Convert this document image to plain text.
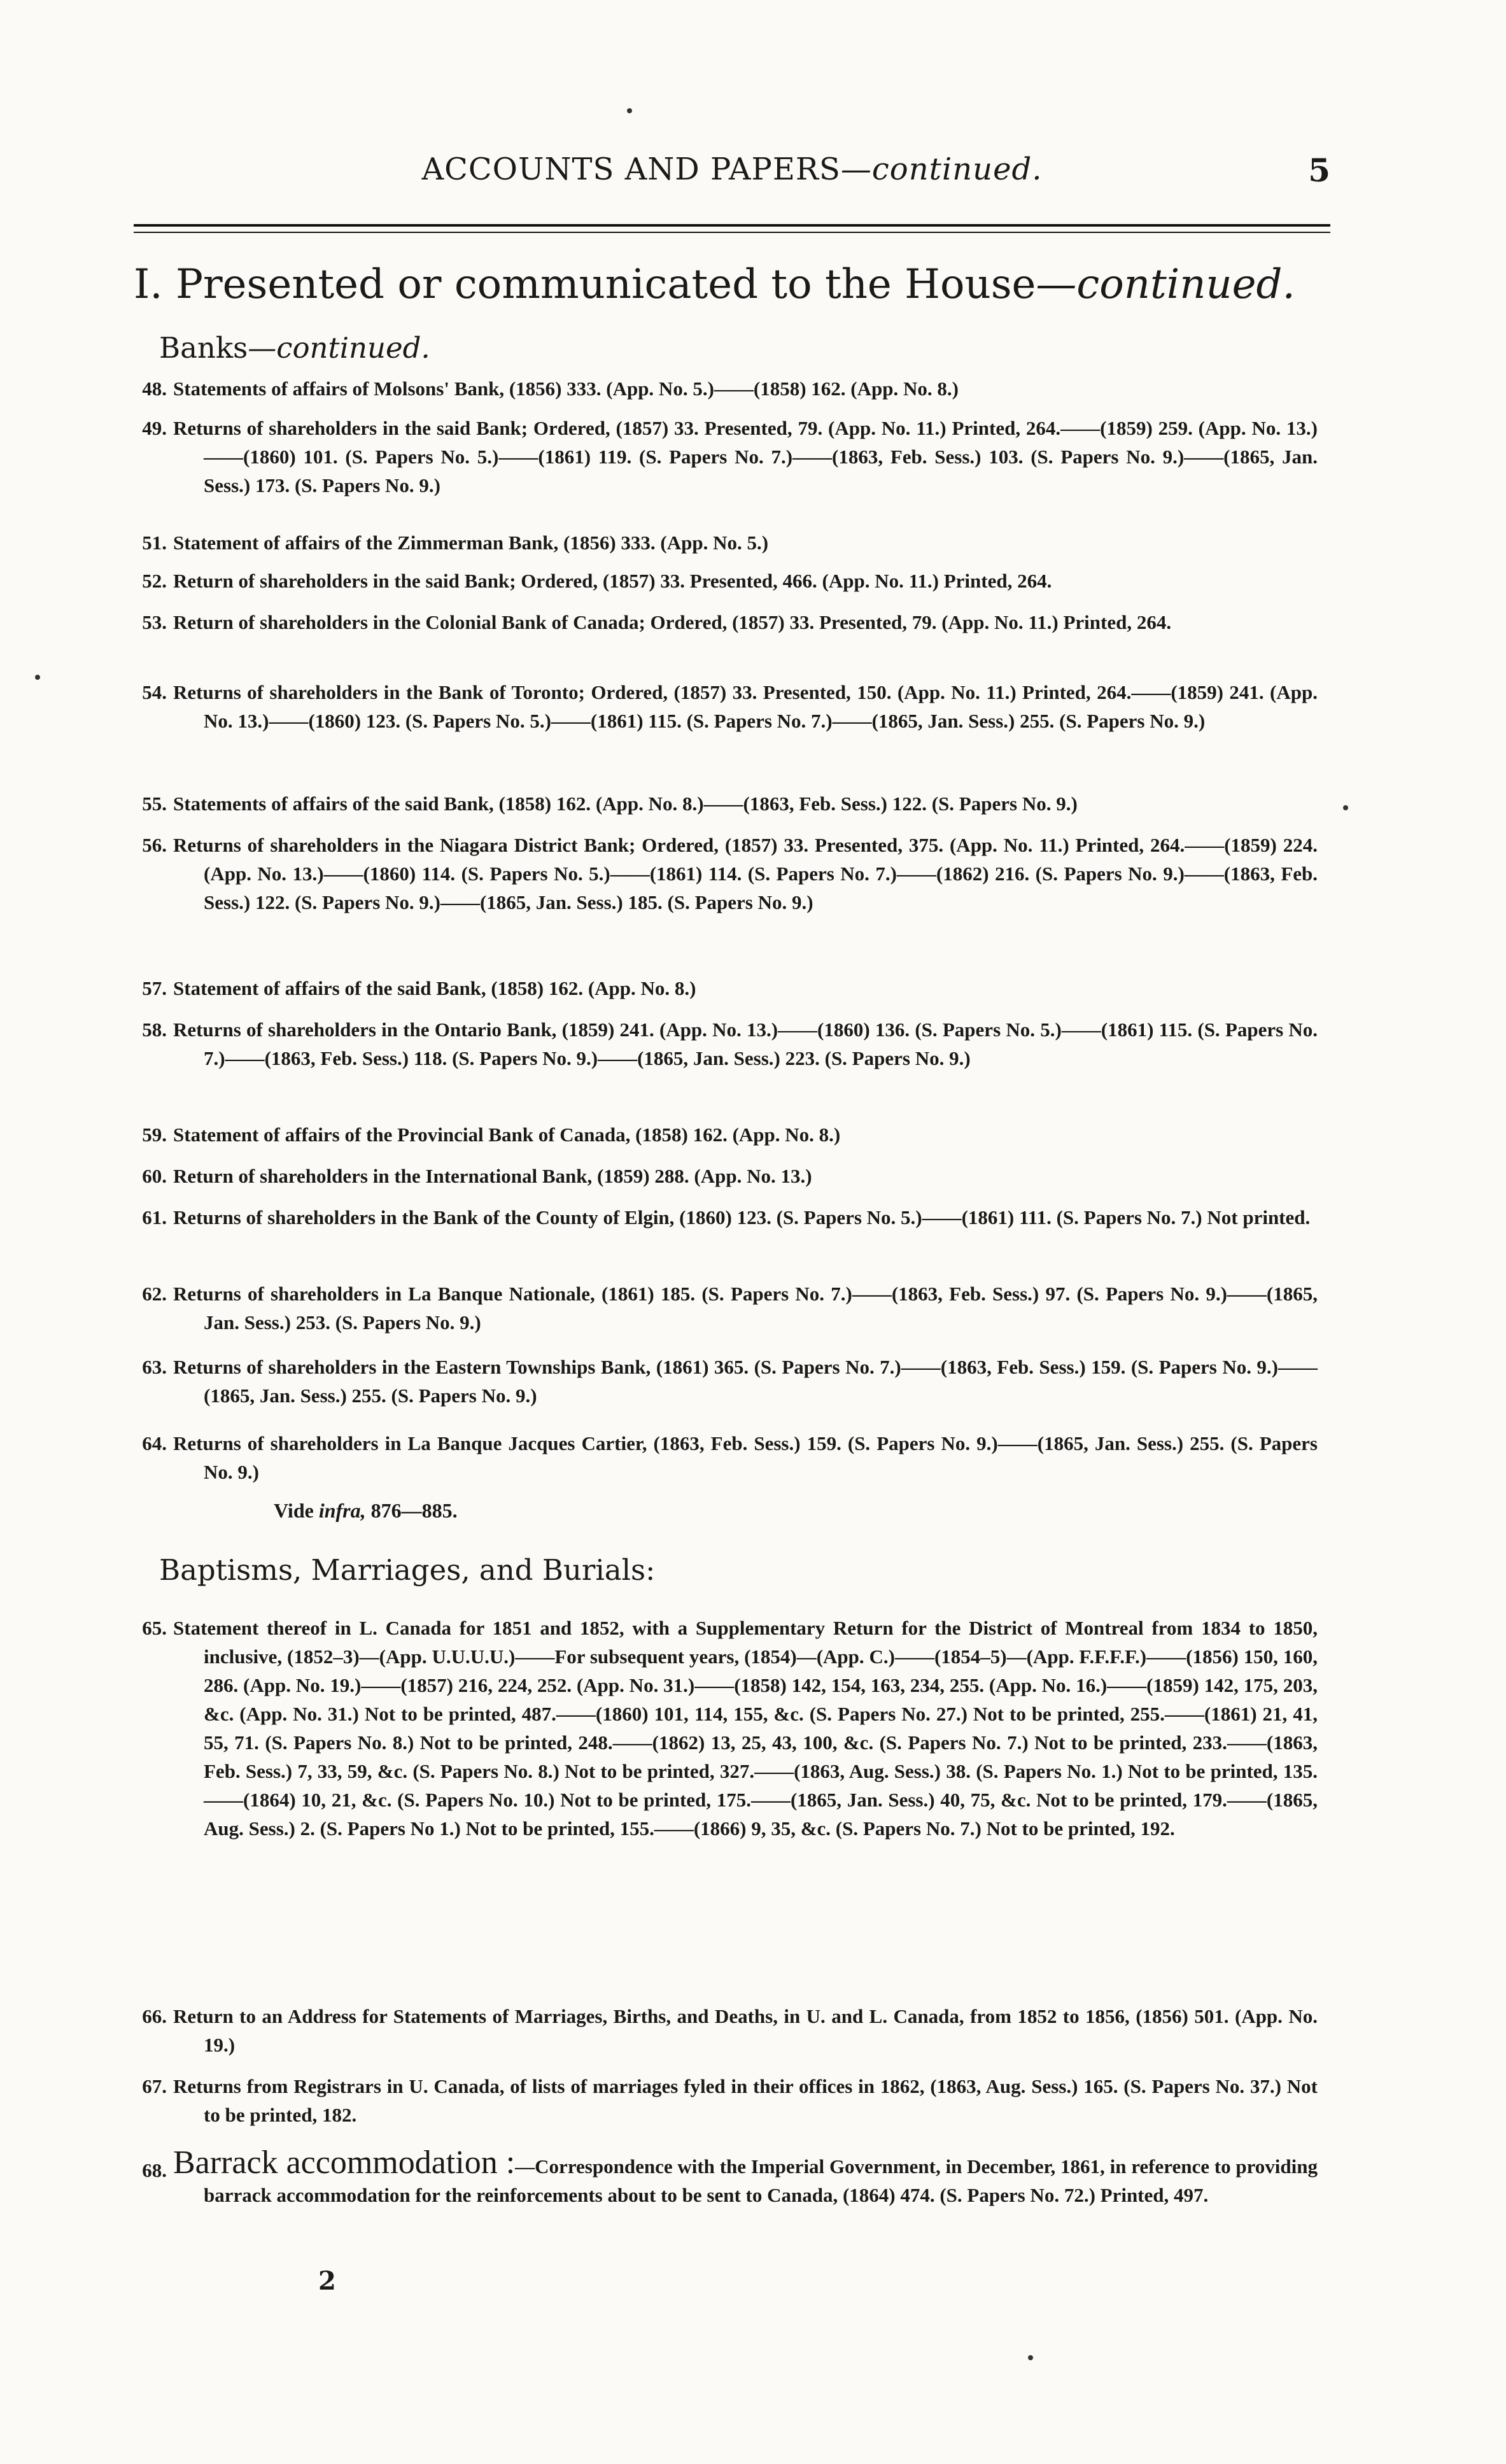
ACCOUNTS AND PAPERS—continued.	5
I. Presented or communicated to the House—continued.
Banks—continued.
48. Statements of affairs of Molsons' Bank, (1856) 333. (App. No. 5.)——(1858) 162. (App. No. 8.)
49. Returns of shareholders in the said Bank; Ordered, (1857) 33. Presented, 79. (App. No. 11.) Printed, 264.——(1859) 259. (App. No. 13.)——(1860) 101. (S. Papers No. 5.)——(1861) 119. (S. Papers No. 7.)——(1863, Feb. Sess.) 103. (S. Papers No. 9.)——(1865, Jan. Sess.) 173. (S. Papers No. 9.)
51. Statement of affairs of the Zimmerman Bank, (1856) 333. (App. No. 5.)
52. Return of shareholders in the said Bank; Ordered, (1857) 33. Presented, 466. (App. No. 11.) Printed, 264.
53. Return of shareholders in the Colonial Bank of Canada; Ordered, (1857) 33. Presented, 79. (App. No. 11.) Printed, 264.
54. Returns of shareholders in the Bank of Toronto; Ordered, (1857) 33. Presented, 150. (App. No. 11.) Printed, 264.——(1859) 241. (App. No. 13.)——(1860) 123. (S. Papers No. 5.)——(1861) 115. (S. Papers No. 7.)——(1865, Jan. Sess.) 255. (S. Papers No. 9.)
55. Statements of affairs of the said Bank, (1858) 162. (App. No. 8.)——(1863, Feb. Sess.) 122. (S. Papers No. 9.)
56. Returns of shareholders in the Niagara District Bank; Ordered, (1857) 33. Presented, 375. (App. No. 11.) Printed, 264.——(1859) 224. (App. No. 13.)——(1860) 114. (S. Papers No. 5.)——(1861) 114. (S. Papers No. 7.)——(1862) 216. (S. Papers No. 9.)——(1863, Feb. Sess.) 122. (S. Papers No. 9.)——(1865, Jan. Sess.) 185. (S. Papers No. 9.)
57. Statement of affairs of the said Bank, (1858) 162. (App. No. 8.)
58. Returns of shareholders in the Ontario Bank, (1859) 241. (App. No. 13.)——(1860) 136. (S. Papers No. 5.)——(1861) 115. (S. Papers No. 7.)——(1863, Feb. Sess.) 118. (S. Papers No. 9.)——(1865, Jan. Sess.) 223. (S. Papers No. 9.)
59. Statement of affairs of the Provincial Bank of Canada, (1858) 162. (App. No. 8.)
60. Return of shareholders in the International Bank, (1859) 288. (App. No. 13.)
61. Returns of shareholders in the Bank of the County of Elgin, (1860) 123. (S. Papers No. 5.)——(1861) 111. (S. Papers No. 7.) Not printed.
62. Returns of shareholders in La Banque Nationale, (1861) 185. (S. Papers No. 7.)——(1863, Feb. Sess.) 97. (S. Papers No. 9.)——(1865, Jan. Sess.) 253. (S. Papers No. 9.)
63. Returns of shareholders in the Eastern Townships Bank, (1861) 365. (S. Papers No. 7.)——(1863, Feb. Sess.) 159. (S. Papers No. 9.)——(1865, Jan. Sess.) 255. (S. Papers No. 9.)
64. Returns of shareholders in La Banque Jacques Cartier, (1863, Feb. Sess.) 159. (S. Papers No. 9.)——(1865, Jan. Sess.) 255. (S. Papers No. 9.)
Vide infra, 876—885.
Baptisms, Marriages, and Burials:
65. Statement thereof in L. Canada for 1851 and 1852, with a Supplementary Return for the District of Montreal from 1834 to 1850, inclusive, (1852–3)—(App. U.U.U.U.)——For subsequent years, (1854)—(App. C.)——(1854–5)—(App. F.F.F.F.)——(1856) 150, 160, 286. (App. No. 19.)——(1857) 216, 224, 252. (App. No. 31.)——(1858) 142, 154, 163, 234, 255. (App. No. 16.)——(1859) 142, 175, 203, &c. (App. No. 31.) Not to be printed, 487.——(1860) 101, 114, 155, &c. (S. Papers No. 27.) Not to be printed, 255.——(1861) 21, 41, 55, 71. (S. Papers No. 8.) Not to be printed, 248.——(1862) 13, 25, 43, 100, &c. (S. Papers No. 7.) Not to be printed, 233.——(1863, Feb. Sess.) 7, 33, 59, &c. (S. Papers No. 8.) Not to be printed, 327.——(1863, Aug. Sess.) 38. (S. Papers No. 1.) Not to be printed, 135.——(1864) 10, 21, &c. (S. Papers No. 10.) Not to be printed, 175.——(1865, Jan. Sess.) 40, 75, &c. Not to be printed, 179.——(1865, Aug. Sess.) 2. (S. Papers No 1.) Not to be printed, 155.——(1866) 9, 35, &c. (S. Papers No. 7.) Not to be printed, 192.
66. Return to an Address for Statements of Marriages, Births, and Deaths, in U. and L. Canada, from 1852 to 1856, (1856) 501. (App. No. 19.)
67. Returns from Registrars in U. Canada, of lists of marriages fyled in their offices in 1862, (1863, Aug. Sess.) 165. (S. Papers No. 37.) Not to be printed, 182.
68. Barrack accommodation :—Correspondence with the Imperial Government, in December, 1861, in reference to providing barrack accommodation for the reinforcements about to be sent to Canada, (1864) 474. (S. Papers No. 72.) Printed, 497.
2
